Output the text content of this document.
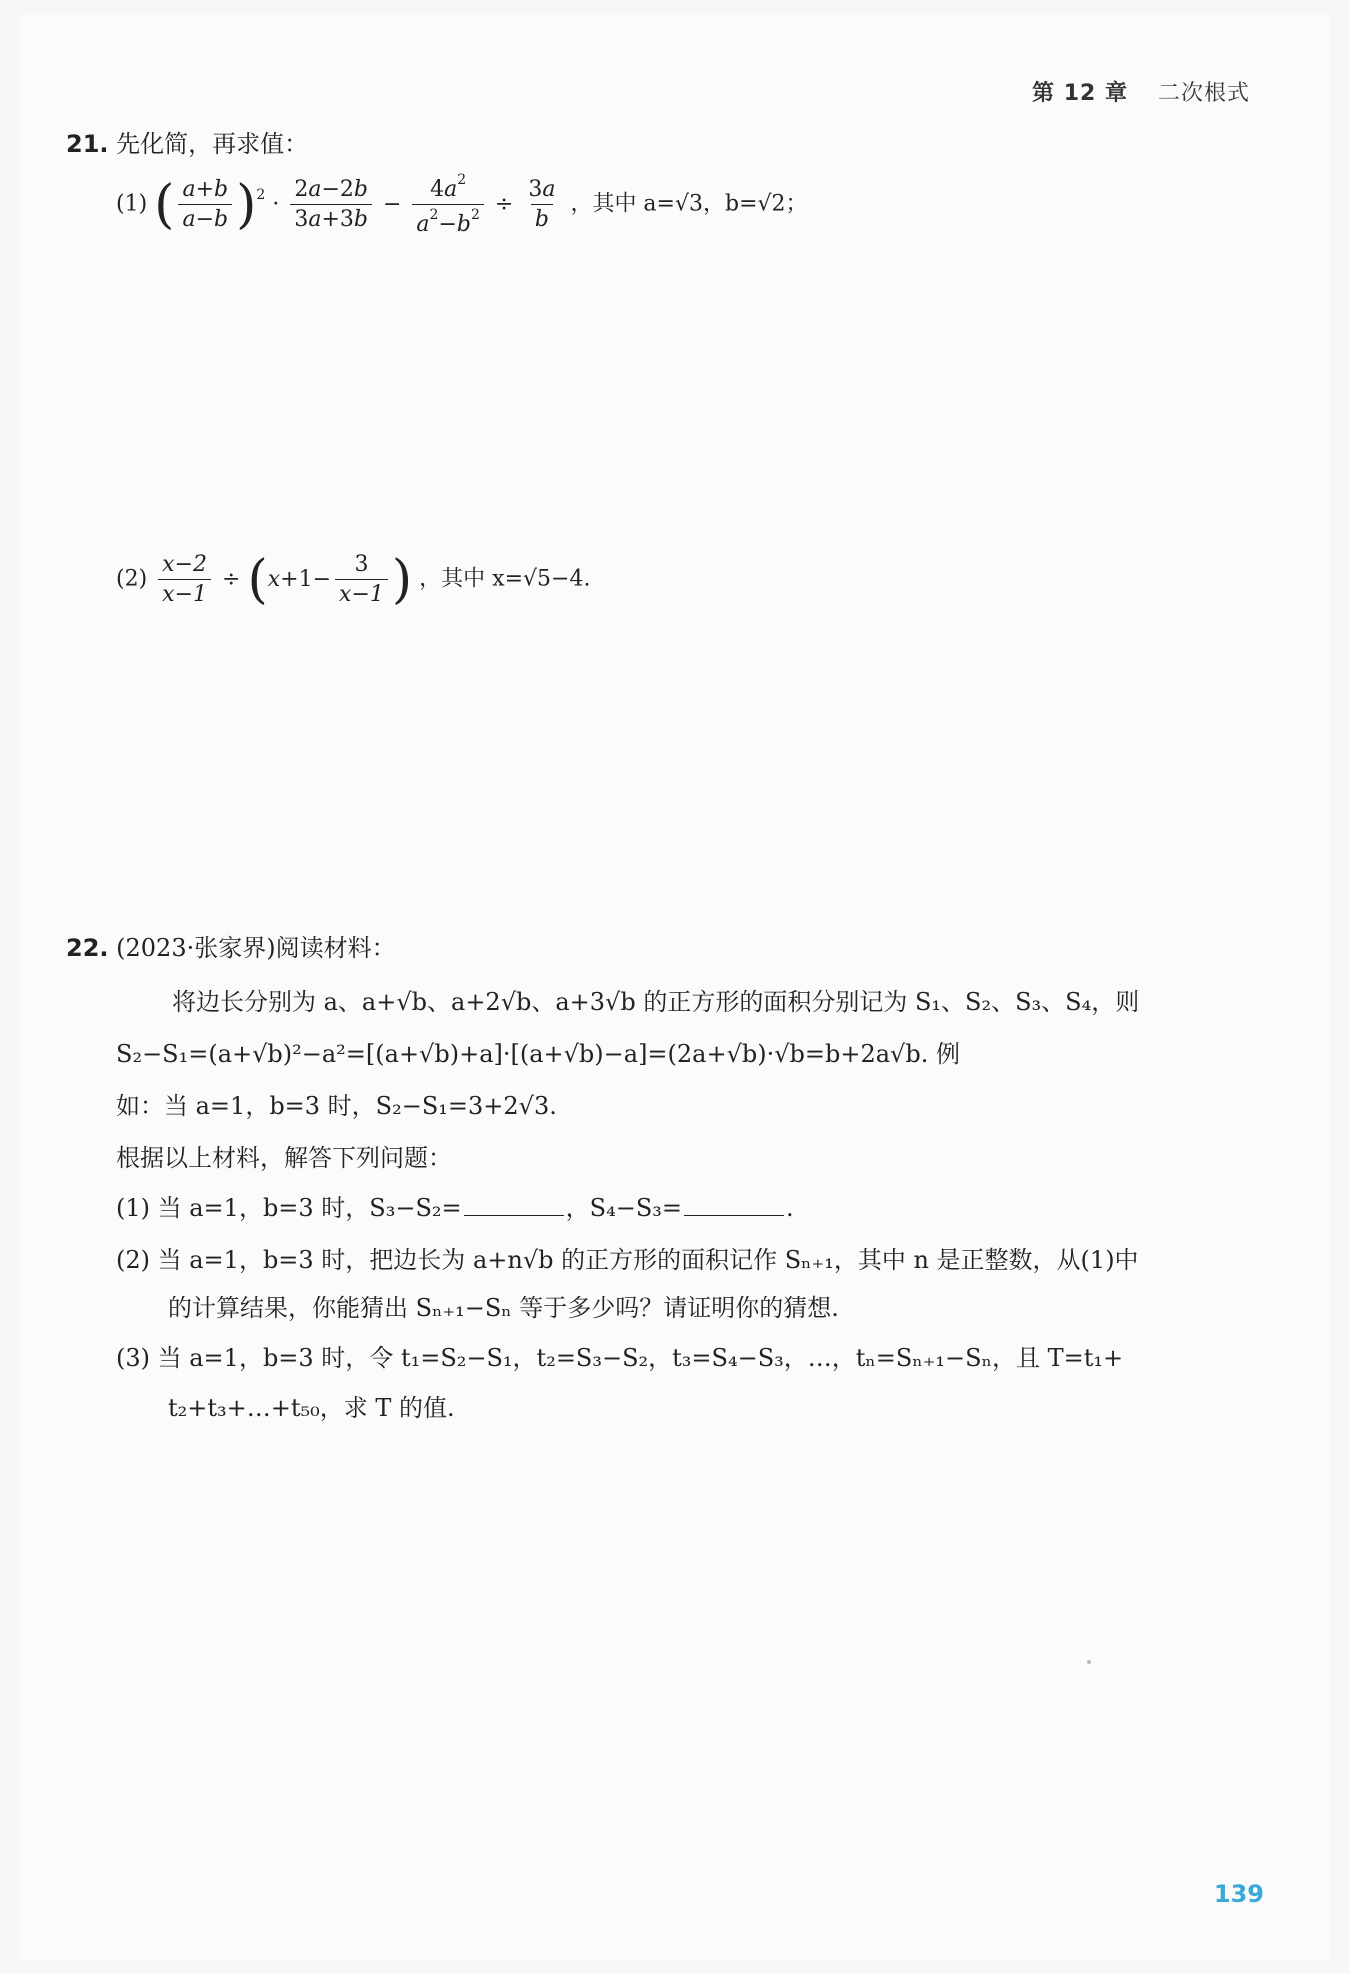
第 12 章 二次根式
21. 先化简，再求值：
(1) ( $\frac{a+b}{a-b} )^2 \cdot \frac{2a-2b}{3a+3b} - \frac{4a^2}{a^2-b^2} \div \frac{3a}{b}$ ，其中 a=√3，b=√2；
$(2) \frac{x-2}{x-1} \div (x+1- \frac{3}{x-1}$ ) ，其中 x=√5−4.
22. (2023·张家界)阅读材料：
将边长分别为 a、a+√b、a+2√b、a+3√b 的正方形的面积分别记为 S₁、S₂、S₃、S₄，则
S₂−S₁=(a+√b)²−a²=[(a+√b)+a]·[(a+√b)−a]=(2a+√b)·√b=b+2a√b. 例
如：当 a=1，b=3 时，S₂−S₁=3+2√3.
根据以上材料，解答下列问题：
(1) 当 a=1，b=3 时，S₃−S₂=	，S₄−S₃=	.
(2) 当 a=1，b=3 时，把边长为 a+n√b 的正方形的面积记作 Sₙ₊₁，其中 n 是正整数，从(1)中
的计算结果，你能猜出 Sₙ₊₁−Sₙ 等于多少吗？请证明你的猜想.
(3) 当 a=1，b=3 时，令 t₁=S₂−S₁，t₂=S₃−S₂，t₃=S₄−S₃，…，tₙ=Sₙ₊₁−Sₙ，且 T=t₁+
t₂+t₃+…+t₅₀，求 T 的值.
139
